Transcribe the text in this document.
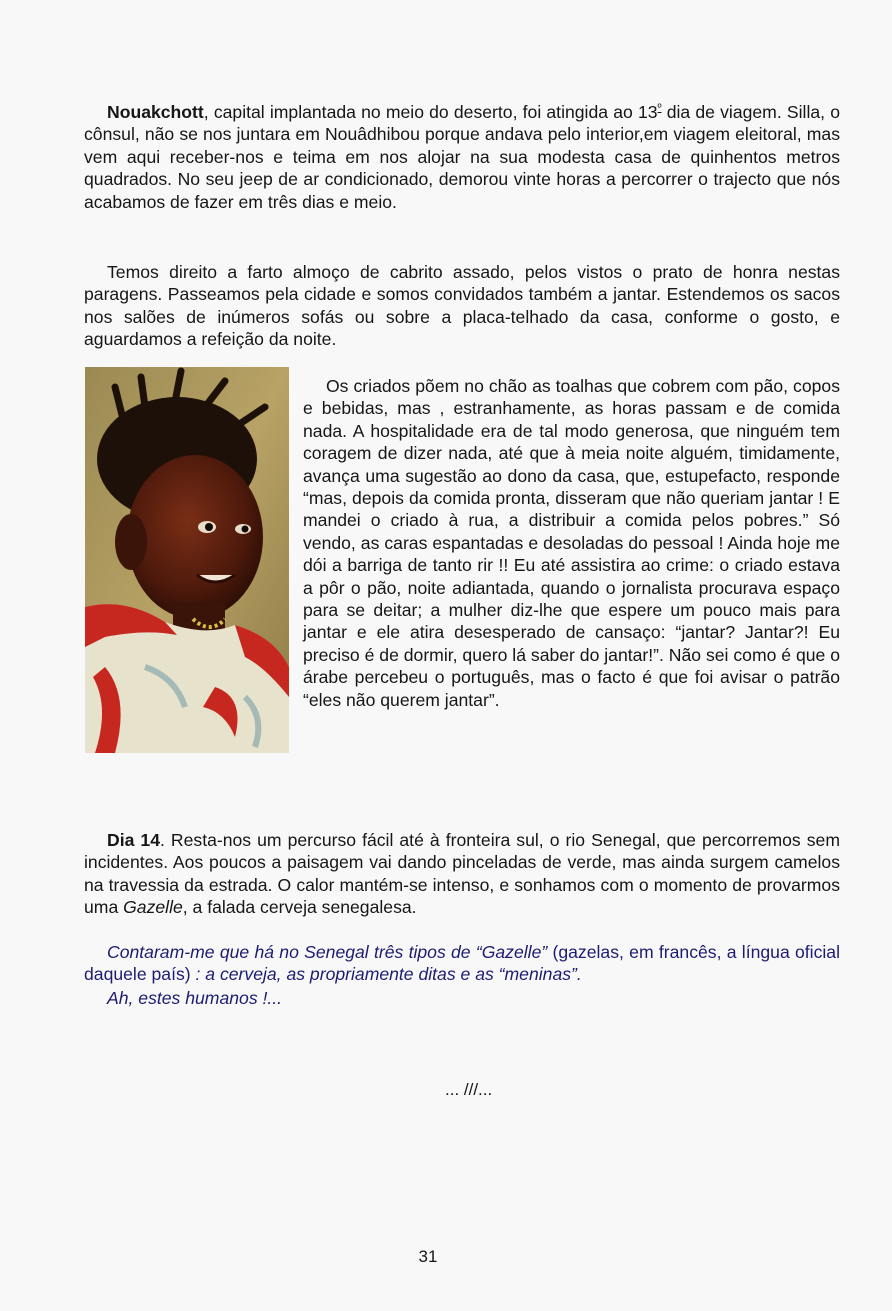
Nouakchott, capital implantada no meio do deserto, foi atingida ao $13^º$ dia de viagem. Silla, o cônsul, não se nos juntara em Nouâdhibou porque andava pelo interior,em viagem eleitoral, mas vem aqui receber-nos e teima em nos alojar na sua modesta casa de quinhentos metros quadrados. No seu jeep de ar condicionado, demorou vinte horas a percorrer o trajecto que nós acabamos de fazer em três dias e meio.

Temos direito a farto almoço de cabrito assado, pelos vistos o prato de honra nestas paragens. Passeamos pela cidade e somos convidados também a jantar. Estendemos os sacos nos salões de inúmeros sofás ou sobre a placa-telhado da casa, conforme o gosto, e aguardamos a refeição da noite.

Os criados põem no chão as toalhas que cobrem com pão, copos e bebidas, mas , estranhamente, as horas passam e de comida nada. A hospitalidade era de tal modo generosa, que ninguém tem coragem de dizer nada, até que à meia noite alguém, timidamente, avança uma sugestão ao dono da casa, que, estupefacto, responde “mas, depois da comida pronta, disseram que não queriam jantar ! E mandei o criado à rua, a distribuir a comida pelos pobres.” Só vendo, as caras espantadas e desoladas do pessoal ! Ainda hoje me dói a barriga de tanto rir !! Eu até assistira ao crime: o criado estava a pôr o pão, noite adiantada, quando o jornalista procurava espaço para se deitar; a mulher diz-lhe que espere um pouco mais para jantar e ele atira desesperado de cansaço: “jantar? Jantar?! Eu preciso é de dormir, quero lá saber do jantar!”. Não sei como é que o árabe percebeu o português, mas o facto é que foi avisar o patrão “eles não querem jantar”.

Dia 14. Resta-nos um percurso fácil até à fronteira sul, o rio Senegal, que percorremos sem incidentes. Aos poucos a paisagem vai dando pinceladas de verde, mas ainda surgem camelos na travessia da estrada. O calor mantém-se intenso, e sonhamos com o momento de provarmos uma Gazelle, a falada cerveja senegalesa.

Contaram-me que há no Senegal três tipos de “Gazelle” (gazelas, em francês, a língua oficial daquele país) : a cerveja, as propriamente ditas e as “meninas”.

Ah, estes humanos !...

... ///...
31
